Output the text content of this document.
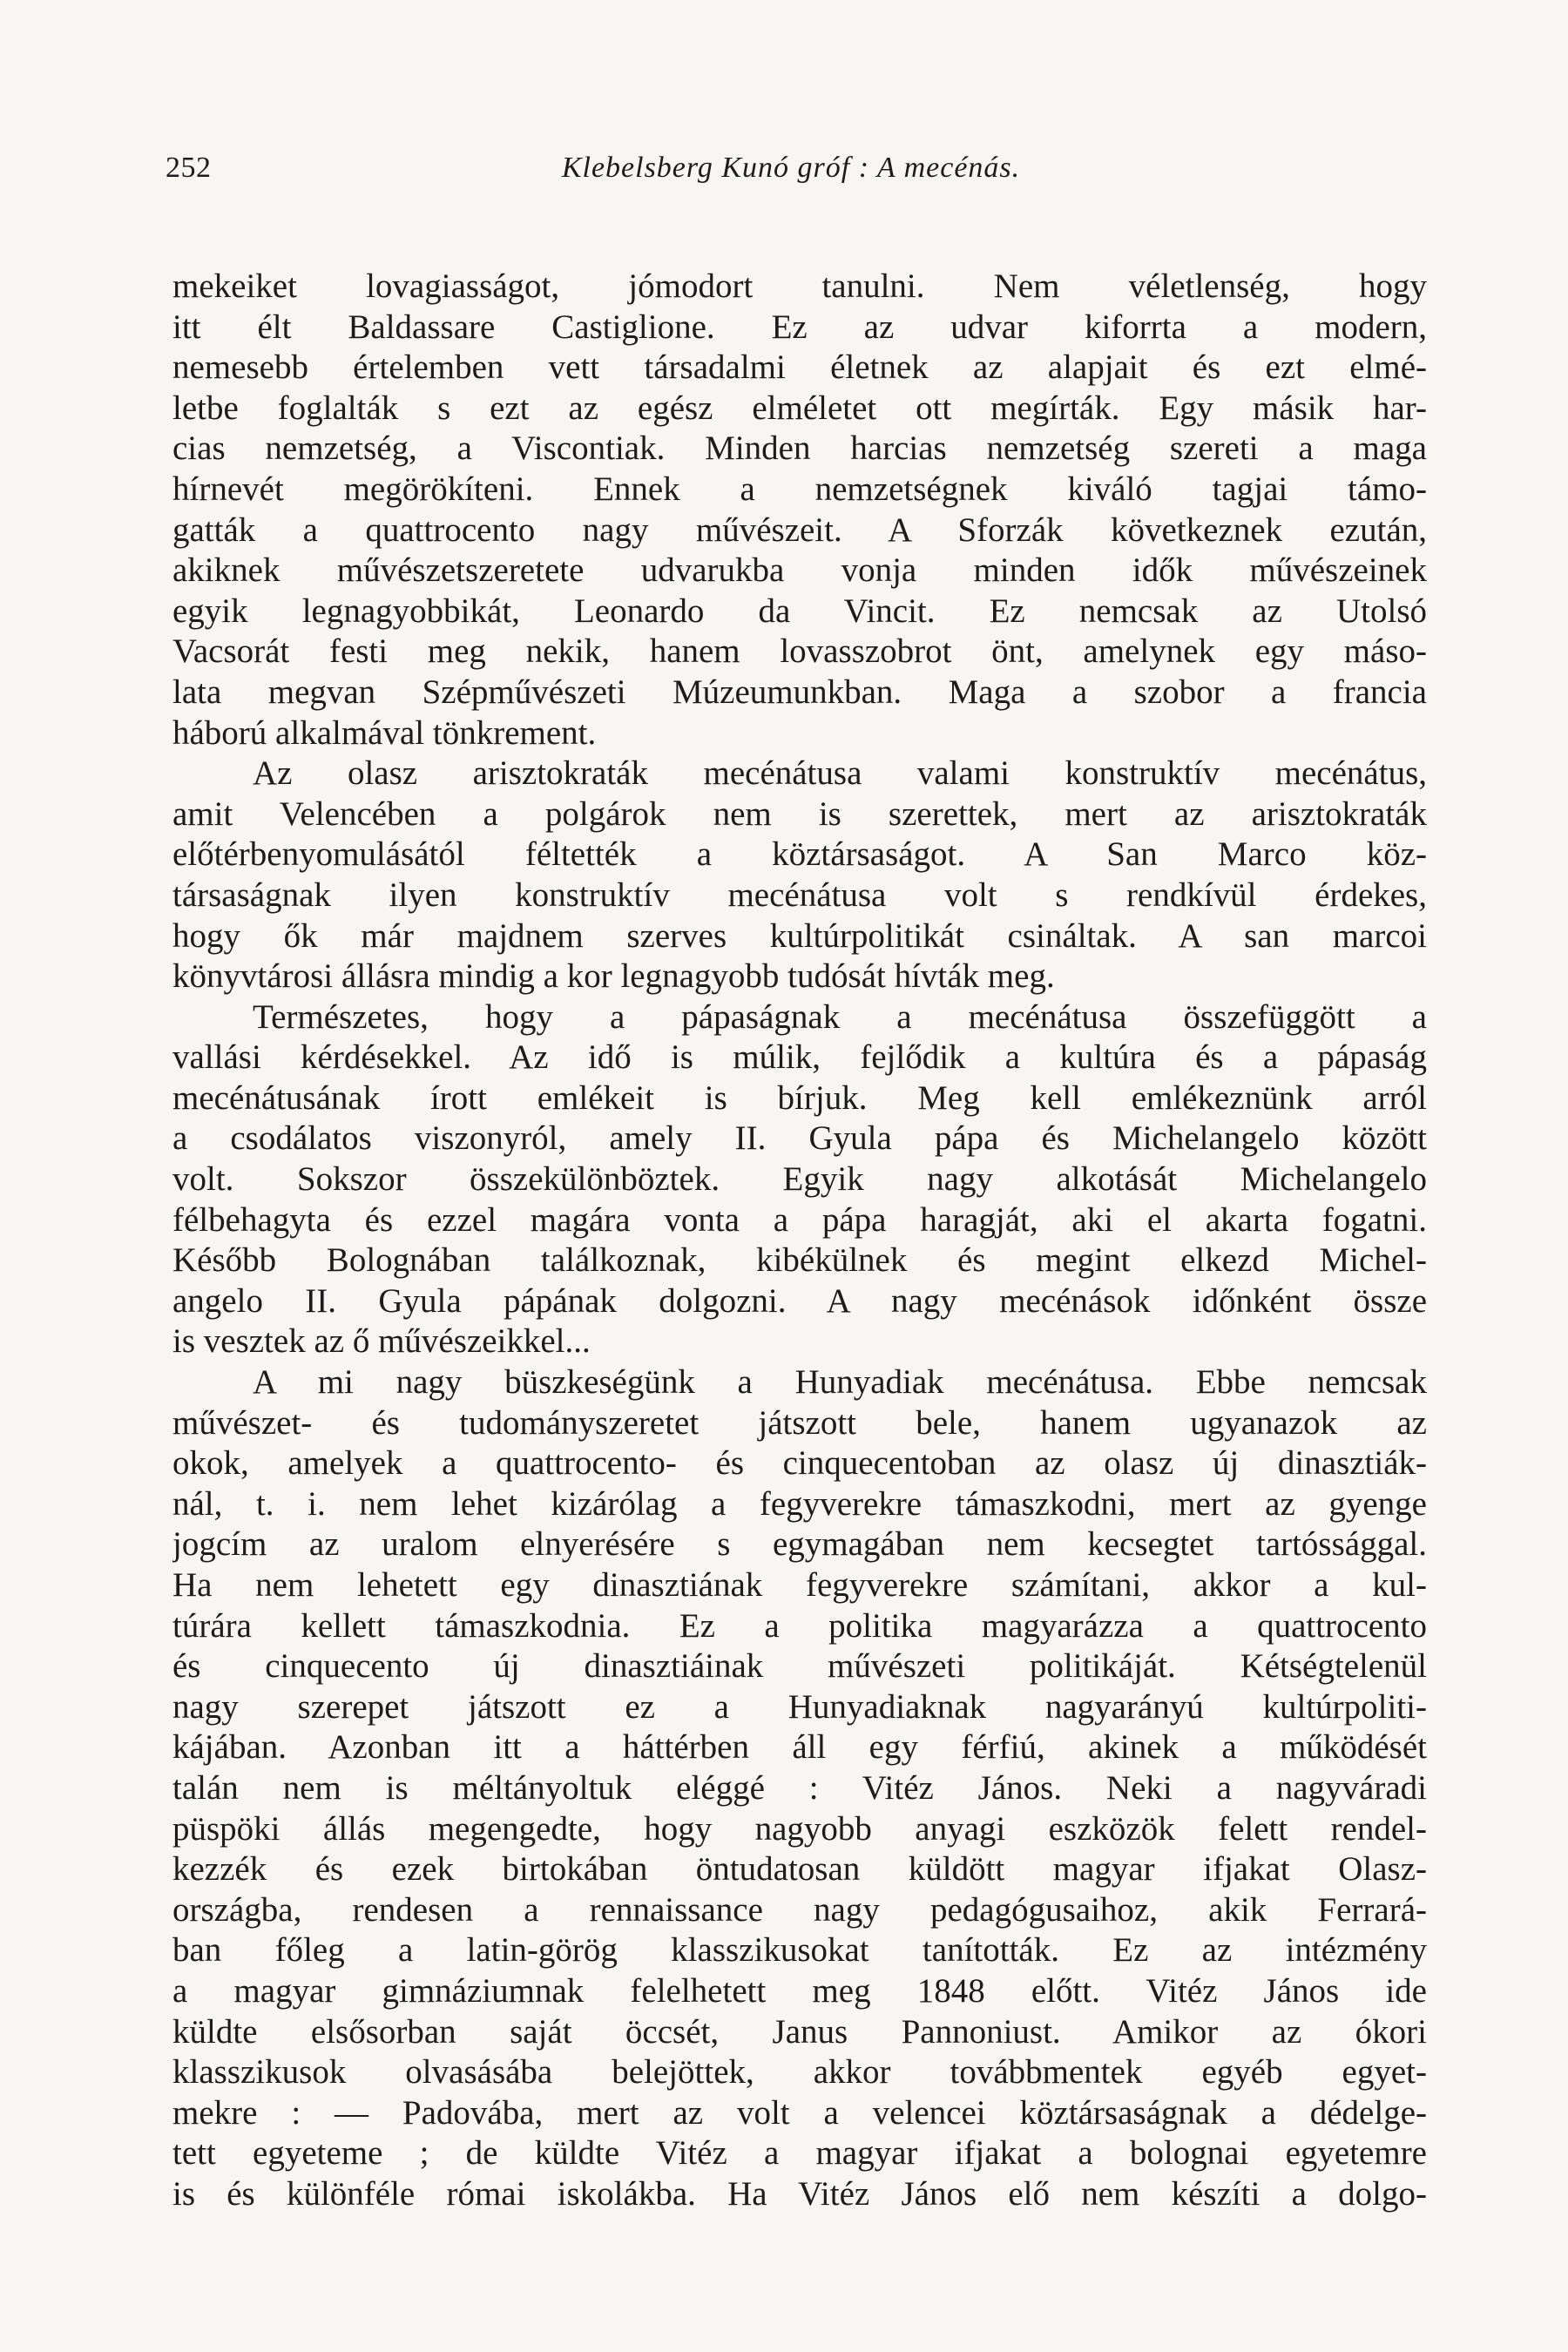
252	Klebelsberg Kunó gróf : A mecénás.
mekeiket lovagiasságot, jómodort tanulni. Nem véletlenség, hogy
itt élt Baldassare Castiglione. Ez az udvar kiforrta a modern,
nemesebb értelemben vett társadalmi életnek az alapjait és ezt elmé-
letbe foglalták s ezt az egész elméletet ott megírták. Egy másik har-
cias nemzetség, a Viscontiak. Minden harcias nemzetség szereti a maga
hírnevét megörökíteni. Ennek a nemzetségnek kiváló tagjai támo-
gatták a quattrocento nagy művészeit. A Sforzák következnek ezután,
akiknek művészetszeretete udvarukba vonja minden idők művészeinek
egyik legnagyobbikát, Leonardo da Vincit. Ez nemcsak az Utolsó
Vacsorát festi meg nekik, hanem lovasszobrot önt, amelynek egy máso-
lata megvan Szépművészeti Múzeumunkban. Maga a szobor a francia
háború alkalmával tönkrement.
Az olasz arisztokraták mecénátusa valami konstruktív mecénátus,
amit Velencében a polgárok nem is szerettek, mert az arisztokraták
előtérbenyomulásától féltették a köztársaságot. A San Marco köz-
társaságnak ilyen konstruktív mecénátusa volt s rendkívül érdekes,
hogy ők már majdnem szerves kultúrpolitikát csináltak. A san marcoi
könyvtárosi állásra mindig a kor legnagyobb tudósát hívták meg.
Természetes, hogy a pápaságnak a mecénátusa összefüggött a
vallási kérdésekkel. Az idő is múlik, fejlődik a kultúra és a pápaság
mecénátusának írott emlékeit is bírjuk. Meg kell emlékeznünk arról
a csodálatos viszonyról, amely II. Gyula pápa és Michelangelo között
volt. Sokszor összekülönböztek. Egyik nagy alkotását Michelangelo
félbehagyta és ezzel magára vonta a pápa haragját, aki el akarta fogatni.
Később Bolognában találkoznak, kibékülnek és megint elkezd Michel-
angelo II. Gyula pápának dolgozni. A nagy mecénások időnként össze
is vesztek az ő művészeikkel...
A mi nagy büszkeségünk a Hunyadiak mecénátusa. Ebbe nemcsak
művészet- és tudományszeretet játszott bele, hanem ugyanazok az
okok, amelyek a quattrocento- és cinquecentoban az olasz új dinasztiák-
nál, t. i. nem lehet kizárólag a fegyverekre támaszkodni, mert az gyenge
jogcím az uralom elnyerésére s egymagában nem kecsegtet tartóssággal.
Ha nem lehetett egy dinasztiának fegyverekre számítani, akkor a kul-
túrára kellett támaszkodnia. Ez a politika magyarázza a quattrocento
és cinquecento új dinasztiáinak művészeti politikáját. Kétségtelenül
nagy szerepet játszott ez a Hunyadiaknak nagyarányú kultúrpoliti-
kájában. Azonban itt a háttérben áll egy férfiú, akinek a működését
talán nem is méltányoltuk eléggé : Vitéz János. Neki a nagyváradi
püspöki állás megengedte, hogy nagyobb anyagi eszközök felett rendel-
kezzék és ezek birtokában öntudatosan küldött magyar ifjakat Olasz-
országba, rendesen a rennaissance nagy pedagógusaihoz, akik Ferrará-
ban főleg a latin-görög klasszikusokat tanították. Ez az intézmény
a magyar gimnáziumnak felelhetett meg 1848 előtt. Vitéz János ide
küldte elsősorban saját öccsét, Janus Pannoniust. Amikor az ókori
klasszikusok olvasásába belejöttek, akkor továbbmentek egyéb egyet-
mekre : — Padovába, mert az volt a velencei köztársaságnak a dédelge-
tett egyeteme ; de küldte Vitéz a magyar ifjakat a bolognai egyetemre
is és különféle római iskolákba. Ha Vitéz János elő nem készíti a dolgo-
